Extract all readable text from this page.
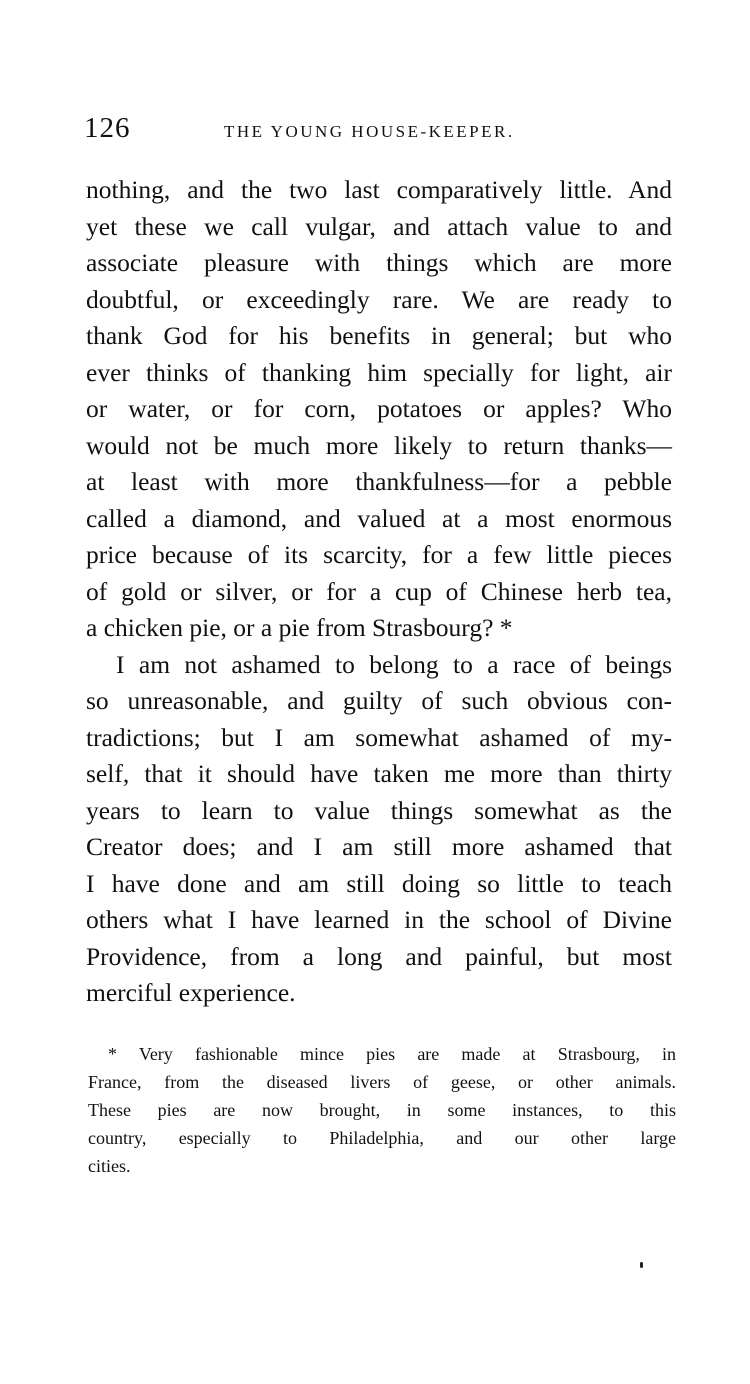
126	THE YOUNG HOUSE-KEEPER.
nothing, and the two last comparatively little. And
yet these we call vulgar, and attach value to and
associate pleasure with things which are more
doubtful, or exceedingly rare. We are ready to
thank God for his benefits in general; but who
ever thinks of thanking him specially for light, air
or water, or for corn, potatoes or apples? Who
would not be much more likely to return thanks—
at least with more thankfulness—for a pebble
called a diamond, and valued at a most enormous
price because of its scarcity, for a few little pieces
of gold or silver, or for a cup of Chinese herb tea,
a chicken pie, or a pie from Strasbourg? *
I am not ashamed to belong to a race of beings
so unreasonable, and guilty of such obvious con-
tradictions; but I am somewhat ashamed of my-
self, that it should have taken me more than thirty
years to learn to value things somewhat as the
Creator does; and I am still more ashamed that
I have done and am still doing so little to teach
others what I have learned in the school of Divine
Providence, from a long and painful, but most
merciful experience.
* Very fashionable mince pies are made at Strasbourg, in
France, from the diseased livers of geese, or other animals.
These pies are now brought, in some instances, to this
country, especially to Philadelphia, and our other large
cities.
